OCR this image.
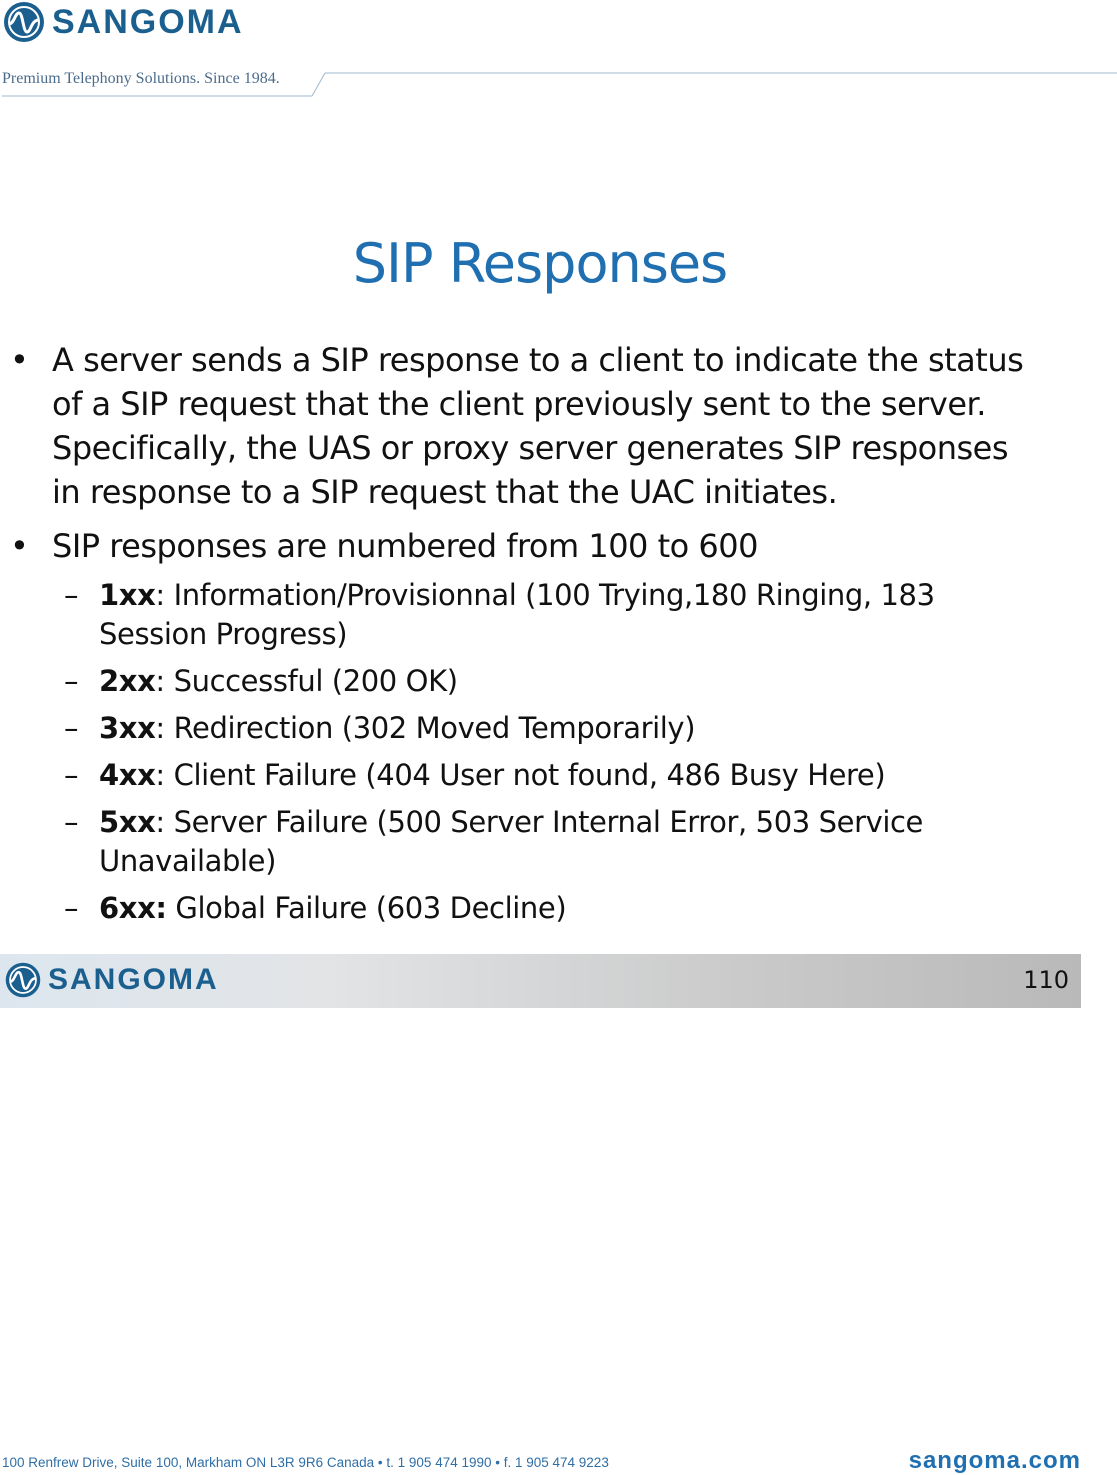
SANGOMA
Premium Telephony Solutions. Since 1984.
SIP Responses
• A server sends a SIP response to a client to indicate the status
of a SIP request that the client previously sent to the server.
Specifically, the UAS or proxy server generates SIP responses
in response to a SIP request that the UAC initiates.
• SIP responses are numbered from 100 to 600
– 1xx: Information/Provisionnal (100 Trying,180 Ringing, 183
Session Progress)
– 2xx: Successful (200 OK)
– 3xx: Redirection (302 Moved Temporarily)
– 4xx: Client Failure (404 User not found, 486 Busy Here)
– 5xx: Server Failure (500 Server Internal Error, 503 Service
Unavailable)
– 6xx: Global Failure (603 Decline)
SANGOMA	110
100 Renfrew Drive, Suite 100, Markham ON L3R 9R6 Canada • t. 1 905 474 1990 • f. 1 905 474 9223	sangoma.com
